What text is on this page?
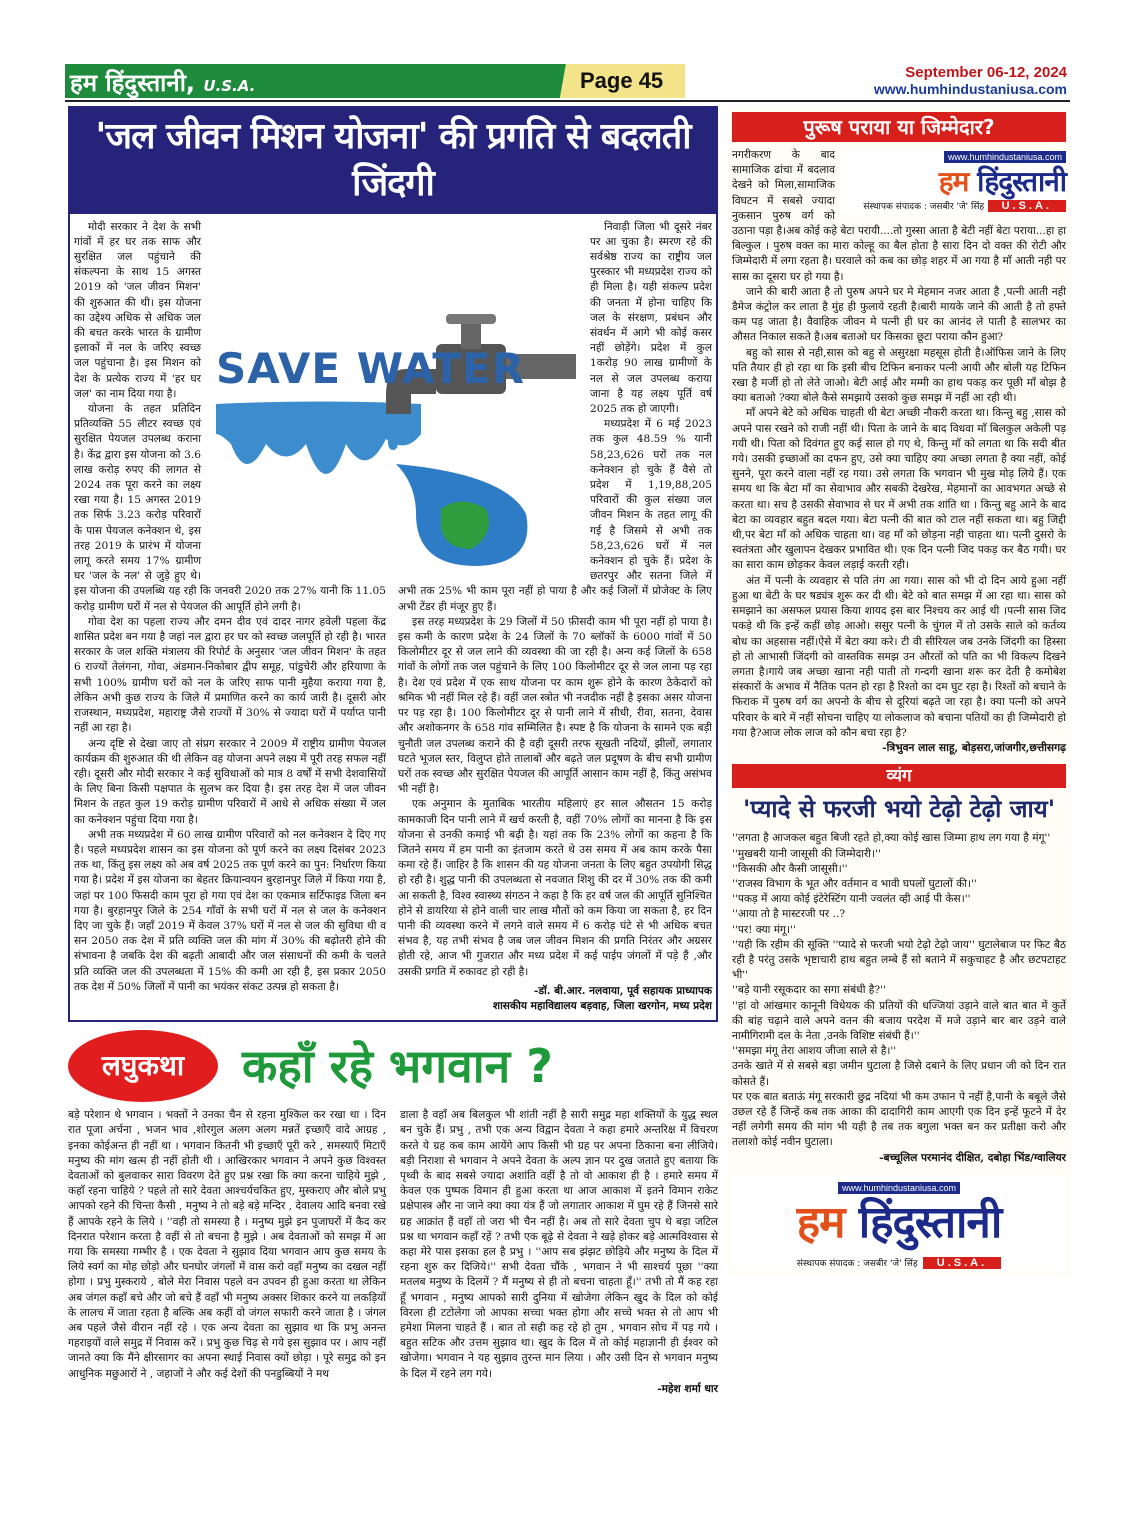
हम हिंदुस्तानी, U.S.A.	Page 45	September 06-12, 2024
www.humhindustaniusa.com
'जल जीवन मिशन योजना' की प्रगति से बदलती जिंदगी

मोदी सरकार ने देश के सभी गांवों में हर घर तक साफ और सुरक्षित जल पहुंचाने की संकल्पना के साथ 15 अगस्त 2019 को 'जल जीवन मिशन' की शुरुआत की थी। इस योजना का उद्देश्य अधिक से अधिक जल की बचत करके भारत के ग्रामीण इलाकों में नल के जरिए स्वच्छ जल पहुंचाना है। इस मिशन को देश के प्रत्येक राज्य में 'हर घर जल' का नाम दिया गया है।

योजना के तहत प्रतिदिन प्रतिव्यक्ति 55 लीटर स्वच्छ एवं सुरक्षित पेयजल उपलब्ध कराना है। केंद्र द्वारा इस योजना को 3.6 लाख करोड़ रुपए की लागत से 2024 तक पूरा करने का लक्ष्य रखा गया है। 15 अगस्त 2019 तक सिर्फ 3.23 करोड़ परिवारों के पास पेयजल कनेक्शन थे, इस तरह 2019 के प्रारंभ में योजना लागू करते समय 17% ग्रामीण घर 'जल के नल' से जुड़े हुए थे। इस योजना की उपलब्धि यह रही कि जनवरी 2020 तक 27% यानी कि 11.05 करोड़ ग्रामीण घरों में नल से पेयजल की आपूर्ति होने लगी है।

गोवा देश का पहला राज्य और दमन दीव एवं दादर नागर हवेली पहला केंद्र शासित प्रदेश बन गया है जहां नल द्वारा हर घर को स्वच्छ जलपूर्ति हो रही है। भारत सरकार के जल शक्ति मंत्रालय की रिपोर्ट के अनुसार 'जल जीवन मिशन' के तहत 6 राज्यों तेलंगना, गोवा, अंडमान-निकोबार द्वीप समूह, पांडुचेरी और हरियाणा के सभी 100% ग्रामीण घरों को नल के जरिए साफ पानी मुहैया कराया गया है, लेकिन अभी कुछ राज्य के जिले में प्रमाणित करने का कार्य जारी है। दूसरी ओर राजस्थान, मध्यप्रदेश, महाराष्ट्र जैसे राज्यों में 30% से ज्यादा घरों में पर्याप्त पानी नहीं आ रहा है।

अन्य दृष्टि से देखा जाए तो संप्रग सरकार ने 2009 में राष्ट्रीय ग्रामीण पेयजल कार्यक्रम की शुरुआत की थी लेकिन वह योजना अपने लक्ष्य में पूरी तरह सफल नहीं रही। दूसरी और मोदी सरकार ने कई सुविधाओं को मात्र 8 वर्षों में सभी देशवासियों के लिए बिना किसी पक्षपात के सुलभ कर दिया है। इस तरह देश में जल जीवन मिशन के तहत कुल 19 करोड़ ग्रामीण परिवारों में आधे से अधिक संख्या में जल का कनेक्शन पहुंचा दिया गया है।

अभी तक मध्यप्रदेश में 60 लाख ग्रामीण परिवारों को नल कनेक्शन दे दिए गए है। पहले मध्यप्रदेश शासन का इस योजना को पूर्ण करने का लक्ष्य दिसंबर 2023 तक था, किंतु इस लक्ष्य को अब वर्ष 2025 तक पूर्ण करने का पुन: निर्धारण किया गया है। प्रदेश में इस योजना का बेहतर क्रियान्वयन बुरहानपुर जिले में किया गया है, जहां पर 100 फिसदी काम पूरा हो गया एवं देश का एकमात्र सर्टिफाइड जिला बन गया है। बुरहानपुर जिले के 254 गाँवों के सभी घरों में नल से जल के कनेक्शन दिए जा चुके हैं। जहाँ 2019 में केवल 37% घरों में नल से जल की सुविधा थी व सन 2050 तक देश में प्रति व्यक्ति जल की मांग में 30% की बढ़ोतरी होने की संभावना है जबकि देश की बढ़ती आबादी और जल संसाधनों की कमी के चलते प्रति व्यक्ति जल की उपलब्धता में 15% की कमी आ रही है, इस प्रकार 2050 तक देश में 50% जिलों में पानी का भयंकर संकट उत्पन्न हो सकता है।

निवाड़ी जिला भी दूसरे नंबर पर आ चुका है। स्मरण रहे की सर्वश्रेष्ठ राज्य का राष्ट्रीय जल पुरस्कार भी मध्यप्रदेश राज्य को ही मिला है। यही संकल्प प्रदेश की जनता में होना चाहिए कि जल के संरक्षण, प्रबंधन और संवर्धन में आगे भी कोई कसर नहीं छोड़ेंगे। प्रदेश में कुल 1करोड़ 90 लाख ग्रामीणों के नल से जल उपलब्ध कराया जाना है यह लक्ष्य पूर्ति वर्ष 2025 तक हो जाएगी।

मध्यप्रदेश में 6 मई 2023 तक कुल 48.59 % यानी 58,23,626 घरों तक नल कनेक्शन हो चुके हैं वैसे तो प्रदेश में 1,19,88,205 परिवारों की कुल संख्या जल जीवन मिशन के तहत लागू की गई है जिसमे से अभी तक 58,23,626 घरों में नल कनेक्शन हो चुके हैं। प्रदेश के छतरपुर और सतना जिले में अभी तक 25% भी काम पूरा नहीं हो पाया है और कई जिलों में प्रोजेक्ट के लिए अभी टेंडर ही मंजूर हुए हैं।

इस तरह मध्यप्रदेश के 29 जिलों में 50 फ़ीसदी काम भी पूरा नहीं हो पाया है। इस कमी के कारण प्रदेश के 24 जिलों के 70 ब्लॉकों के 6000 गांवों में 50 किलोमीटर दूर से जल लाने की व्यवस्था की जा रही है। अन्य कई जिलों के 658 गांवों के लोगों तक जल पहुंचाने के लिए 100 किलोमीटर दूर से जल लाना पड़ रहा है। देश एवं प्रदेश में एक साथ योजना पर काम शुरू होने के कारण ठेकेदारों को श्रमिक भी नहीं मिल रहे हैं। वहीं जल स्त्रोत भी नजदीक नहीं है इसका असर योजना पर पड़ रहा है। 100 किलोमीटर दूर से पानी लाने में सीधी, रीवा, सतना, देवास और अशोकनगर के 658 गांव सम्मिलित है। स्पष्ट है कि योजना के सामने एक बड़ी चुनौती जल उपलब्ध कराने की है वही दूसरी तरफ सूखती नदियों, झीलों, लगातार घटते भूजल स्तर, विलुप्त होते तालाबों और बढ़ते जल प्रदूषण के बीच सभी ग्रामीण घरों तक स्वच्छ और सुरक्षित पेयजल की आपूर्ति आसान काम नहीं है, किंतु असंभव भी नहीं है।

एक अनुमान के मुताबिक भारतीय महिलाएं हर साल औसतन 15 करोड़ कामकाजी दिन पानी लाने में खर्च करती है, वहीं 70% लोगों का मानना है कि इस योजना से उनकी कमाई भी बढ़ी है। यहां तक कि 23% लोगों का कहना है कि जितने समय में हम पानी का इंतजाम करते थे उस समय में अब काम करके पैसा कमा रहे हैं। जाहिर है कि शासन की यह योजना जनता के लिए बहुत उपयोगी सिद्ध हो रही है। शुद्ध पानी की उपलब्धता से नवजात शिशु की दर में 30% तक की कमी आ सकती है, विश्व स्वास्थ्य संगठन ने कहा है कि हर वर्ष जल की आपूर्ति सुनिश्चित होने से डायरिया से होने वाली चार लाख मौतों को कम किया जा सकता है, हर दिन पानी की व्यवस्था करने में लगने वाले समय में 6 करोड़ घंटे से भी अधिक बचत संभव है, यह तभी संभव है जब जल जीवन मिशन की प्रगति निरंतर और अग्रसर होती रहे, आज भी गुजरात और मध्य प्रदेश में कई पाईप जंगलों में पड़े हैं ,और उसकी प्रगति में रुकावट हो रही है।

-डॉ. बी.आर. नलवाया, पूर्व सहायक प्राध्यापक
शासकीय महाविद्यालय बड़वाह, जिला खरगोन, मध्य प्रदेश
SAVE WATER
लघुकथा	कहाँ रहे भगवान ?

बड़े परेशान थे भगवान । भक्तों ने उनका चैन से रहना मुश्किल कर रखा था । दिन रात पूजा अर्चना , भजन भाव ,शोरगुल अलग अलग मन्नतें इच्छाएँ वादे आग्रह , इनका कोईअन्त ही नहीं था । भगवान कितनी भी इच्छाएँ पूरी करे , समस्याएँ मिटाएँ मनुष्य की मांग खत्म ही नहीं होती थी । आखिरकार भगवान ने अपने कुछ विश्वस्त देवताओं को बुलवाकर सारा विवरण देते हुए प्रश्न रखा कि क्या करना चाहिये मुझे , कहाँ रहना चाहिये ? पहले तो सारे देवता आश्चर्यचकित हुए, मुस्कराए और बोले प्रभु आपको रहने की चिन्ता कैसी , मनुष्य ने तो बड़े बड़े मन्दिर , देवालय आदि बनवा रखे हैं आपके रहने के लिये । ''वही तो समस्या है । मनुष्य मुझे इन पुजाघरों में कैद कर दिनरात परेशान करता है वहीं से तो बचना है मुझे । अब देवताओं को समझ में आ गया कि समस्या गम्भीर है । एक देवता ने सुझाव दिया भगवान आप कुछ समय के लिये स्वर्ग का मोह छोड़ो और घनघोर जंगलों में वास करो वहाँ मनुष्य का दखल नहीं होगा । प्रभु मुस्कराये , बोले मेरा निवास पहले वन उपवन ही हुआ करता था लेकिन अब जंगल कहाँ बचे और जो बचे हैं वहाँ भी मनुष्य अक्सर शिकार करने या लकड़ियों के लालच में जाता रहता है बल्कि अब कहीं वो जंगल सफारी करने जाता है । जंगल अब पहले जैसे वीरान नहीं रहे । एक अन्य देवता का सुझाव था कि प्रभु अनन्त गहराइयों वाले समुद्र में निवास करें । प्रभु कुछ चिढ़ से गये इस सुझाव पर । आप नहीं जानते क्या कि मैंने क्षीरसागर का अपना स्थाई निवास क्यों छोड़ा । पूरे समुद्र को इन आधुनिक मछुआरों ने , जहाजों ने और कई देशों की पनडुब्बियों ने मथ

डाला है वहाँ अब बिलकुल भी शांती नहीं है सारी समुद्र महा शक्तियों के युद्ध स्थल बन चुके हैं। प्रभु , तभी एक अन्य विद्वान देवता ने कहा हमारे अन्तरिक्ष में विचरण करते ये ग्रह कब काम आयेंगे आप किसी भी ग्रह पर अपना ठिकाना बना लीजिये। बड़ी निराशा से भगवान ने अपने देवता के अल्प ज्ञान पर दुख जताते हुए बताया कि पृथ्वी के बाद सबसे ज्यादा अशांति वहीं है तो वो आकाश ही है । हमारे समय में केवल एक पुष्पक विमान ही हुआ करता था आज आकाश में इतने विमान राकेट प्रक्षेपास्त्र और ना जाने क्या क्या यंत्र हैं जो लगातार आकाश में घुम रहे हैं जिनसे सारे ग्रह आक्रांत हैं वहाँ तो जरा भी चैन नहीं है। अब तो सारे देवता चुप थे बड़ा जटिल प्रश्न था भगवान कहाँ रहें ? तभी एक बूढ़े से देवता ने खड़े होकर बड़े आत्मविश्वास से कहा मेरे पास इसका हल है प्रभु । ''आप सब झंझट छोड़िये और मनुष्य के दिल में रहना शुरु कर दिजिये।'' सभी देवता चौंके , भगवान ने भी साश्चर्य पूछा ''क्या मतलब मनुष्य के दिलमें ? मैं मनुष्य से ही तो बचना चाहता हूँ।'' तभी तो मैं कह रहा हूँ भगवान , मनुष्य आपको सारी दुनिया में खोजेगा लेकिन खुद के दिल को कोई विरला ही टटोलेगा जो आपका सच्चा भक्त होगा और सच्चे भक्त से तो आप भी हमेशा मिलना चाहते हैं । बात तो सही कह रहे हो तुम , भगवान सोच में पड़ गये । बहुत सटिक और उत्तम सुझाव था। खुद के दिल में तो कोई महाज्ञानी ही ईश्वर को खोजेगा। भगवान ने यह सुझाव तुरन्त मान लिया । और उसी दिन से भगवान मनुष्य के दिल में रहने लग गये।

-महेश शर्मा धार

पुरूष पराया या जिम्मेदार?
www.humhindustaniusa.com
हम हिंदुस्तानी
संस्थापक संपादक : जसबीर 'जे' सिंह U.S.A.

नगरीकरण के बाद सामाजिक ढांचा में बदलाव देखने को मिला,सामाजिक विघटन में सबसे ज्यादा नुकसान पुरुष वर्ग को उठाना पड़ा है।अब कोई कहे बेटा परायी....तो गुस्सा आता है बेटी नहीं बेटा पराया...हा हा बिल्कुल । पुरुष वक्त का मारा कोल्हू का बैल होता है सारा दिन दो वक्त की रोटी और जिम्मेदारी में लगा रहता है। घरवाले को कब का छोड़ शहर में आ गया है माँ आती नही पर सास का दूसरा घर हो गया है।

जाने की बारी आता है तो पुरुष अपने घर मे मेहमान नजर आता है ,पत्नी आती नही डैमेज कंट्रोल कर लाता है मुंह ही फुलाये रहती है।बारी मायके जाने की आती है तो हफ्ते कम पड़ जाता है। वैवाहिक जीवन मे पत्नी ही घर का आनंद ले पाती है सालभर का औसत निकाल सकते है।अब बताओ घर किसका छूटा पराया कौन हुआ?

बहु को सास से नही,सास को बहु से असुरक्षा महसूस होती है।ऑफिस जाने के लिए पति तैयार ही हो रहा था कि इसी बीच टिफिन बनाकर पत्नी आयी और बोली यह टिफिन रखा है मर्जी हो तो लेते जाओ। बेटी आई और मम्मी का हाथ पकड़ कर पूछी माँ बोझ है क्या बताओ ?क्या बोले कैसे समझाये उसको कुछ समझ में नहीं आ रही थी।

माँ अपने बेटे को अधिक चाहती थी बेटा अच्छी नौकरी करता था। किन्तु बहु ,सास को अपने पास रखने को राजी नहीं थी। पिता के जाने के बाद विधवा माँ बिलकुल अकेली पड़ गयी थी। पिता को दिवंगत हुए कई साल हो गए थे, किन्तु माँ को लगता था कि सदी बीत गये। उसकी इच्छाओं का दफन हुए, उसे क्या चाहिए क्या अच्छा लगता है क्या नहीं, कोई सुनने, पूरा करने वाला नहीं रह गया। उसे लगता कि भगवान भी मुख मोड़ लिये हैं। एक समय था कि बेटा माँ का सेवाभाव और सबकी देखरेख, मेहमानों का आवभगत अच्छे से करता था। सच है उसकी सेवाभाव से घर में अभी तक शांति था । किन्तु बहु आने के बाद बेटा का व्यवहार बहुत बदल गया। बेटा पत्नी की बात को टाल नहीं सकता था। बहु जिद्दी थी,पर बेटा माँ को अधिक चाहता था। वह माँ को छोड़ना नही चाहता था। पत्नी दुसरो के स्वतंत्रता और खुलापन देखकर प्रभावित थी। एक दिन पत्नी जिद पकड़ कर बैठ गयी। घर का सारा काम छोड़कर केवल लड़ाई करती रही।

अंत में पत्नी के व्यवहार से पति तंग आ गया। सास को भी दो दिन आये हुआ नहीं हुआ था बेटी के घर षड्यंत्र शुरू कर दी थी। बेटे को बात समझ में आ रहा था। सास को समझाने का असफल प्रयास किया शायद इस बार निश्चय कर आई थी ।पत्नी सास जिद पकड़े थी कि इन्हें कहीं छोड़ आओ। ससुर पत्नी के चुंगल में तो उसके साले को कर्तव्य बोध का अहसास नहीं।ऐसे में बेटा क्या करे। टी वी सीरियल जब उनके जिंदगी का हिस्सा हो तो आभासी जिंदगी को वास्तविक समझ उन औरतों को पति का भी विकल्प दिखने लगता है।गाये जब अच्छा खाना नही पाती तो गन्दगी खाना शरू कर देती है कमोबेश संस्कारों के अभाव में नैतिक पतन हो रहा है रिश्तो का दम घुट रहा है। रिश्तों को बचाने के फिराक में पुरुष वर्ग का अपनो के बीच से दूरियां बढ़ते जा रहा है। क्या पत्नी को अपने परिवार के बारे में नहीं सोचना चाहिए या लोकलाज को बचाना पतियों का ही जिम्मेदारी हो गया है?आज लोक लाज को कौन बचा रहा है?

-त्रिभुवन लाल साहू, बोड़सरा,जांजगीर,छत्तीसगढ़

व्यंग
'प्यादे से फरजी भयो टेढ़ो टेढ़ो जाय'

''लगता है आजकल बहुत बिजी रहते हो,क्या कोई खास जिम्मा हाथ लग गया है मंगू''

''मुखबरी यानी जासूसी की जिम्मेदारी।''

''किसकी और कैसी जासूसी।''

''राजस्व विभाग के भूत और वर्तमान व भावी घपलों घुटालों की।''

''पकड़ में आया कोई इंटेरेस्टिंग यानी ज्वलंत व्ही आई पी केस।''

''आया तो है मास्टरजी पर ..?

''पर! क्या मंगू।''

''यही कि रहीम की सूक्ति ''प्यादे से फरजी भयो टेढ़ो टेढ़ो जाय'' घुटालेबाज पर फिट बैठ रही है परंतु उसके भृष्टाचारी हाथ बहुत लम्बे हैं सो बताने में सकुचाहट है और छटपटाहट भी''

''बड़े यानी रसूकदार का सगा संबंधी है?''

''हां वो आंखमार कानूनी विधेयक की प्रतियों की धज्जियां उड़ाने वाले बात बात में कुर्ते की बांह चढ़ाने वाले अपने वतन की बजाय परदेश में मजे उड़ाने बार बार उड़ने वाले नामीगिरामी दल के नेता ,उनके विशिष्ट संबंधी हैं।''

''समझा मंगू तेरा आशय जीजा साले से है।''

उनके खाते में से सबसे बड़ा जमीन घुटाला है जिसे दबाने के लिए प्रधान जी को दिन रात कोसते हैं।

पर एक बात बताऊं मंगू सरकारी छुद्र नदियां भी कम उफान पे नहीं है,पानी के बबूले जैसे उछल रहे हैं जिन्हें कब तक आका की दादागिरी काम आएगी एक दिन इन्हें फूटने में देर नहीं लगेगी समय की मांग भी यही है तब तक बगुला भक्त बन कर प्रतीक्षा करो और तलाशो कोई नवीन घुटाला।

-बच्चूलिल परमानंद दीक्षित, दबोहा भिंड/ग्वालियर

www.humhindustaniusa.com
हम हिंदुस्तानी
संस्थापक संपादक : जसबीर 'जे' सिंह U.S.A.
